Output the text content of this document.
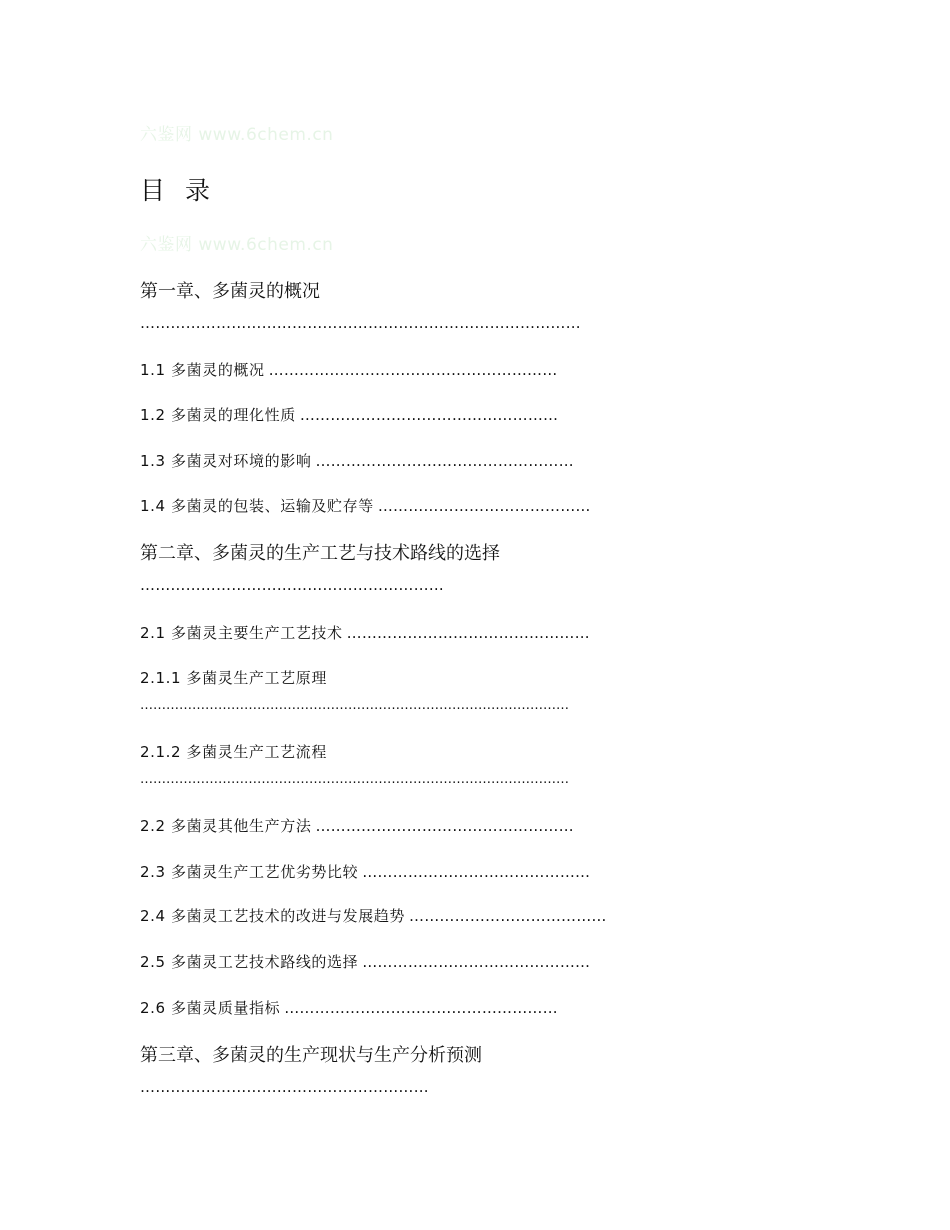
六鉴网 www.6chem.cn
目 录
六鉴网 www.6chem.cn
第一章、多菌灵的概况
……………………………………………………………………………
1.1 多菌灵的概况 …………………………………………………
1.2 多菌灵的理化性质 ……………………………………………
1.3 多菌灵对环境的影响 ……………………………………………
1.4 多菌灵的包装、运输及贮存等 ……………………………………
第二章、多菌灵的生产工艺与技术路线的选择
……………………………………………………
2.1 多菌灵主要生产工艺技术 …………………………………………
2.1.1 多菌灵生产工艺原理
………………………………………………………………………………………
2.1.2 多菌灵生产工艺流程
………………………………………………………………………………………
2.2 多菌灵其他生产方法 ……………………………………………
2.3 多菌灵生产工艺优劣势比较 ………………………………………
2.4 多菌灵工艺技术的改进与发展趋势 …………………………………
2.5 多菌灵工艺技术路线的选择 ………………………………………
2.6 多菌灵质量指标 ………………………………………………
第三章、多菌灵的生产现状与生产分析预测
…………………………………………………
